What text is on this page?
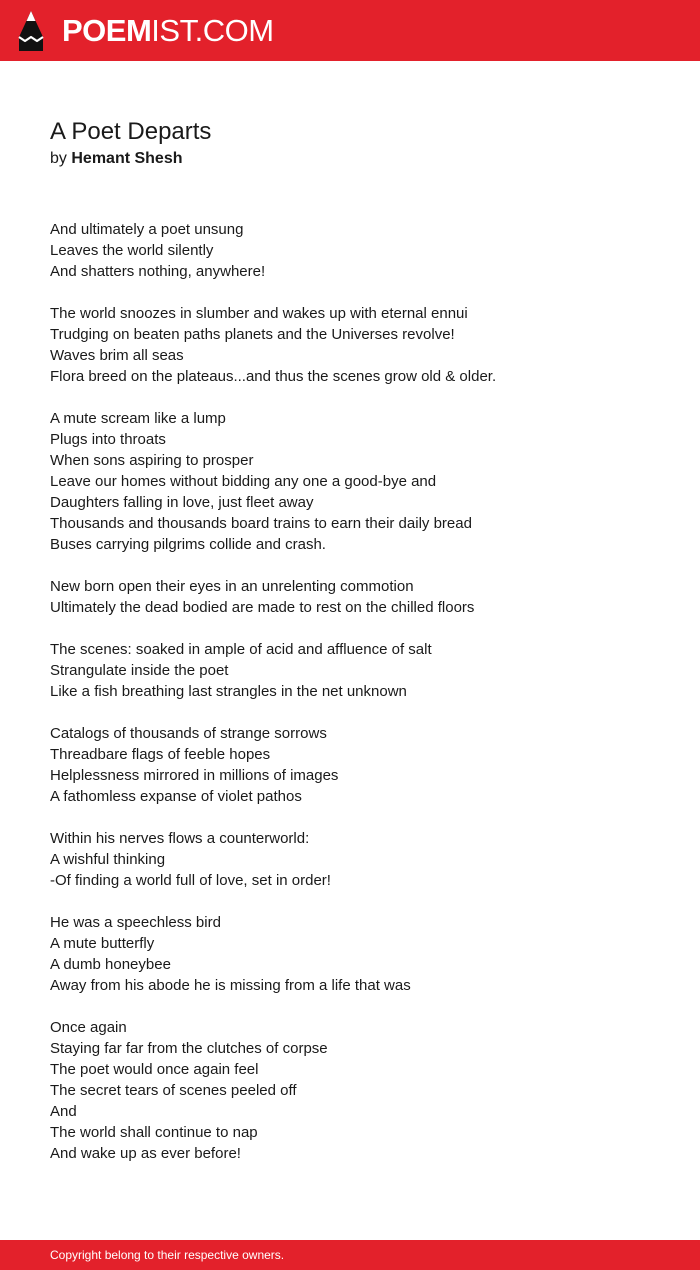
POEMIST.COM
A Poet Departs
by Hemant Shesh

And ultimately a poet unsung
Leaves the world silently
And shatters nothing, anywhere!

The world snoozes in slumber and wakes up with eternal ennui
Trudging on beaten paths planets and the Universes revolve!
Waves brim all seas
Flora breed on the plateaus...and thus the scenes grow old & older.

A mute scream like a lump
Plugs into throats
When sons aspiring to prosper
Leave our homes without bidding any one a good-bye and
Daughters falling in love, just fleet away
Thousands and thousands board trains to earn their daily bread
Buses carrying pilgrims collide and crash.

New born open their eyes in an unrelenting commotion
Ultimately the dead bodied are made to rest on the chilled floors

The scenes: soaked in ample of acid and affluence of salt
Strangulate inside the poet
Like a fish breathing last strangles in the net unknown

Catalogs of thousands of strange sorrows
Threadbare flags of feeble hopes
Helplessness mirrored in millions of images
A fathomless expanse of violet pathos

Within his nerves flows a counterworld:
A wishful thinking
-Of finding a world full of love, set in order!

He was a speechless bird
A mute butterfly
A dumb honeybee
Away from his abode he is missing from a life that was

Once again
Staying far far from the clutches of corpse
The poet would once again feel
The secret tears of scenes peeled off
And
The world shall continue to nap
And wake up as ever before!

Copyright belong to their respective owners.
